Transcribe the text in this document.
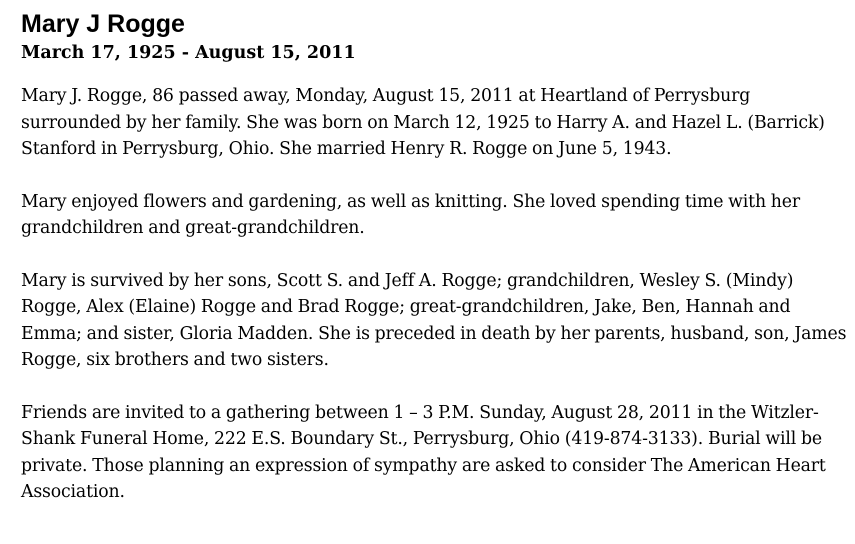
Mary J Rogge
March 17, 1925 - August 15, 2011

Mary J. Rogge, 86 passed away, Monday, August 15, 2011 at Heartland of Perrysburg surrounded by her family. She was born on March 12, 1925 to Harry A. and Hazel L. (Barrick) Stanford in Perrysburg, Ohio. She married Henry R. Rogge on June 5, 1943.

Mary enjoyed flowers and gardening, as well as knitting. She loved spending time with her grandchildren and great-grandchildren.

Mary is survived by her sons, Scott S. and Jeff A. Rogge; grandchildren, Wesley S. (Mindy) Rogge, Alex (Elaine) Rogge and Brad Rogge; great-grandchildren, Jake, Ben, Hannah and Emma; and sister, Gloria Madden. She is preceded in death by her parents, husband, son, James Rogge, six brothers and two sisters.

Friends are invited to a gathering between 1 – 3 P.M. Sunday, August 28, 2011 in the Witzler-Shank Funeral Home, 222 E.S. Boundary St., Perrysburg, Ohio (419-874-3133). Burial will be private. Those planning an expression of sympathy are asked to consider The American Heart Association.
